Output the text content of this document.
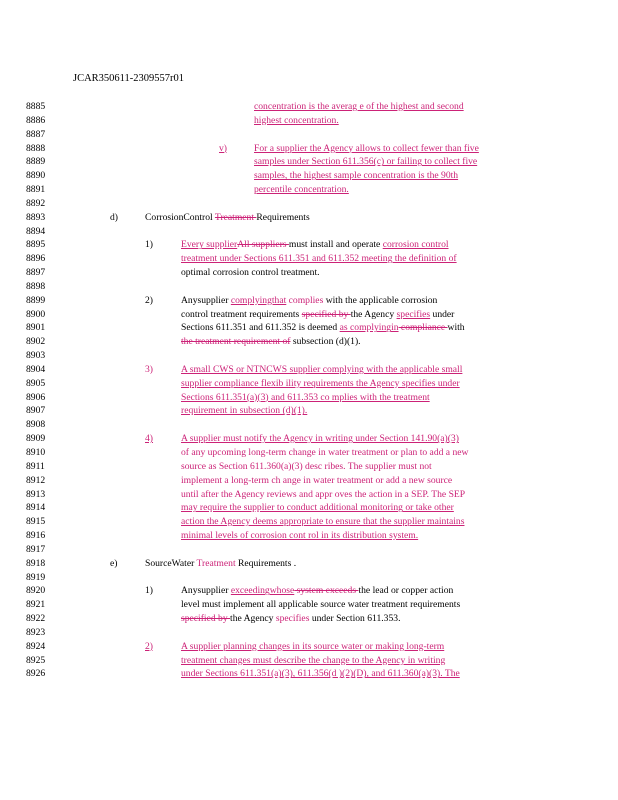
JCAR350611-2309557r01
8885
8886
8887
8888
8889
8890
8891
8892
8893
8894
8895
8896
8897
8898
8899
8900
8901
8902
8903
8904
8905
8906
8907
8908
8909
8910
8911
8912
8913
8914
8915
8916
8917
8918
8919
8920
8921
8922
8923
8924
8925
8926
concentration is the averag e of the highest and second
highest concentration.
v)	For a supplier the Agency allows to collect fewer than five
samples under Section 611.356(c) or failing to collect five
samples, the highest sample concentration is the 90th
percentile concentration.
d)	CorrosionControl Treatment Requirements
1)	Every supplierAll suppliers must install and operate corrosion control
treatment under Sections 611.351 and 611.352 meeting the definition of
optimal corrosion control treatment.
2)	Anysupplier complyingthat complies with the applicable corrosion
control treatment requirements specified by the Agency specifies under
Sections 611.351 and 611.352 is deemed as complyingin compliance with
the treatment requirement of subsection (d)(1).
3)	A small CWS or NTNCWS supplier complying with the applicable small
supplier compliance flexib ility requirements the Agency specifies under
Sections 611.351(a)(3) and 611.353 co mplies with the treatment
requirement in subsection (d)(1).
4)	A supplier must notify the Agency in writing under Section 141.90(a)(3)
of any upcoming long-term change in water treatment or plan to add a new
source as Section 611.360(a)(3) desc ribes. The supplier must not
implement a long-term ch ange in water treatment or add a new source
until after the Agency reviews and appr oves the action in a SEP. The SEP
may require the supplier to conduct additional monitoring or take other
action the Agency deems appropriate to ensure that the supplier maintains
minimal levels of corrosion cont rol in its distribution system.
e)	SourceWater Treatment Requirements .
1)	Anysupplier exceedingwhose system exceeds the lead or copper action
level must implement all applicable source water treatment requirements
specified by the Agency specifies under Section 611.353.
2)	A supplier planning changes in its source water or making long-term
treatment changes must describe the change to the Agency in writing
under Sections 611.351(a)(3), 611.356(d )(2)(D), and 611.360(a)(3). The
